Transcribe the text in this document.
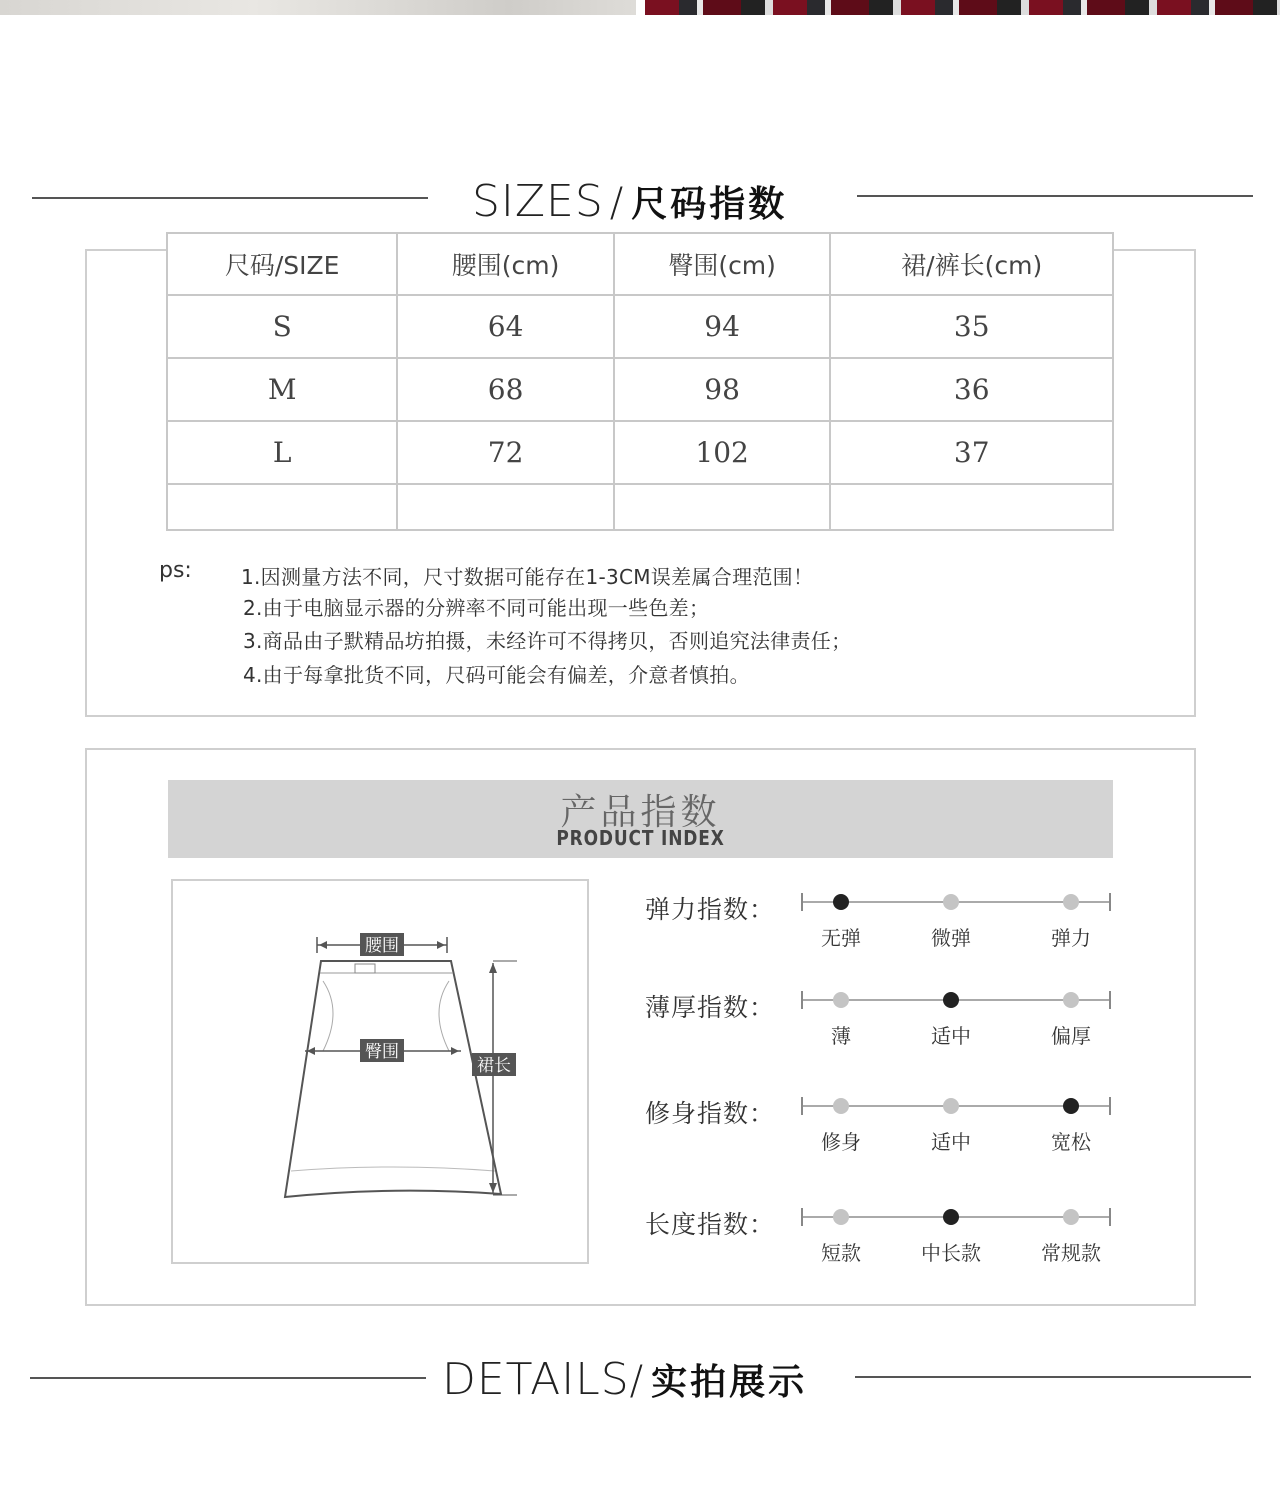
SIZES / 尺码指数
尺码/SIZE	腰围(cm)	臀围(cm)	裙/裤长(cm)
S	64	94	35
M	68	98	36
L	72	102	37

ps: 1.因测量方法不同，尺寸数据可能存在1-3CM误差属合理范围！
2.由于电脑显示器的分辨率不同可能出现一些色差；
3.商品由子默精品坊拍摄，未经许可不得拷贝，否则追究法律责任；
4.由于每拿批货不同，尺码可能会有偏差，介意者慎拍。
产品指数
PRODUCT INDEX
腰围
臀围
裙长
弹力指数：
无弹	微弹	弹力
薄厚指数：
薄	适中	偏厚
修身指数：
修身	适中	宽松
长度指数：
短款	中长款	常规款
DETAILS / 实拍展示
